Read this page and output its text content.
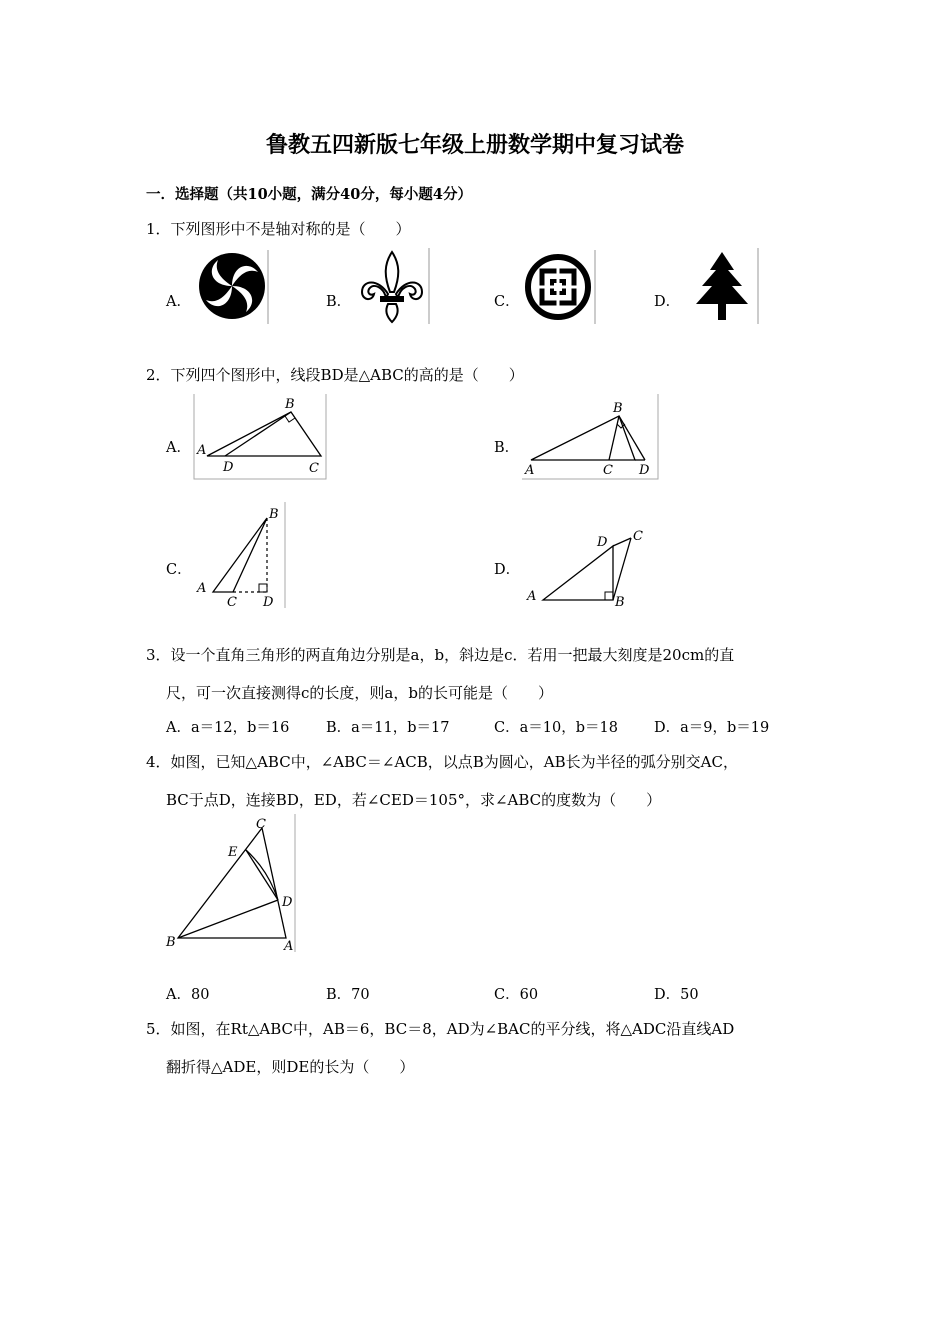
鲁教五四新版七年级上册数学期中复习试卷
一．选择题（共10小题，满分40分，每小题4分）
1．下列图形中不是轴对称的是（　　）
A．	B．	C．	D．
2．下列四个图形中，线段BD是△ABC的高的是（　　）
A． A
B
C
D
B．
A
B
C D
C．
A
B
C D
D．
A	B
C
D
3．设一个直角三角形的两直角边分别是a，b，斜边是c．若用一把最大刻度是20cm的直
尺，可一次直接测得c的长度，则a，b的长可能是（　　）
A．a＝12，b＝16	B．a＝11，b＝17	C．a＝10，b＝18 D．a＝9，b＝19
4．如图，已知△ABC中，∠ABC＝∠ACB，以点B为圆心，AB长为半径的弧分别交AC，
BC于点D，连接BD，ED，若∠CED＝105°，求∠ABC的度数为（　　）
A
B
C
D
E
A．80	B．70	C．60	D．50
5．如图，在Rt△ABC中，AB＝6，BC＝8，AD为∠BAC的平分线，将△ADC沿直线AD
翻折得△ADE，则DE的长为（　　）
